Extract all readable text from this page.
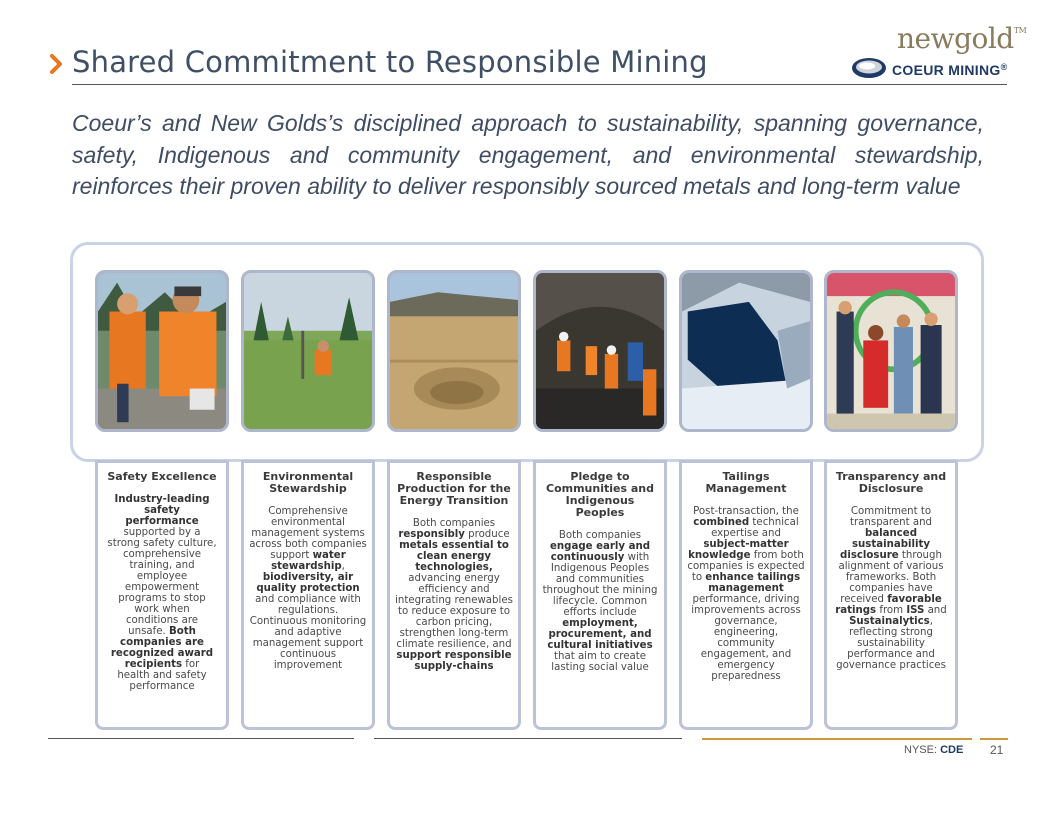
Shared Commitment to Responsible Mining
newgold™
COEUR MINING®
Coeur’s and New Golds’s disciplined approach to sustainability, spanning governance, safety, Indigenous and community engagement, and environmental stewardship, reinforces their proven ability to deliver responsibly sourced metals and long-term value
Safety Excellence

Industry-leading safety performance supported by a strong safety culture, comprehensive training, and employee empowerment programs to stop work when conditions are unsafe. Both companies are recognized award recipients for health and safety performance

Environmental Stewardship

Comprehensive environmental management systems across both companies support water stewardship, biodiversity, air quality protection and compliance with regulations. Continuous monitoring and adaptive management support continuous improvement

Responsible Production for the Energy Transition

Both companies responsibly produce metals essential to clean energy technologies, advancing energy efficiency and integrating renewables to reduce exposure to carbon pricing, strengthen long-term climate resilience, and support responsible supply-chains

Pledge to Communities and Indigenous Peoples

Both companies engage early and continuously with Indigenous Peoples and communities throughout the mining lifecycle. Common efforts include employment, procurement, and cultural initiatives that aim to create lasting social value

Tailings Management

Post-transaction, the combined technical expertise and subject-matter knowledge from both companies is expected to enhance tailings management performance, driving improvements across governance, engineering, community engagement, and emergency preparedness

Transparency and Disclosure

Commitment to transparent and balanced sustainability disclosure through alignment of various frameworks. Both companies have received favorable ratings from ISS and Sustainalytics, reflecting strong sustainability performance and governance practices

NYSE: CDE 21
